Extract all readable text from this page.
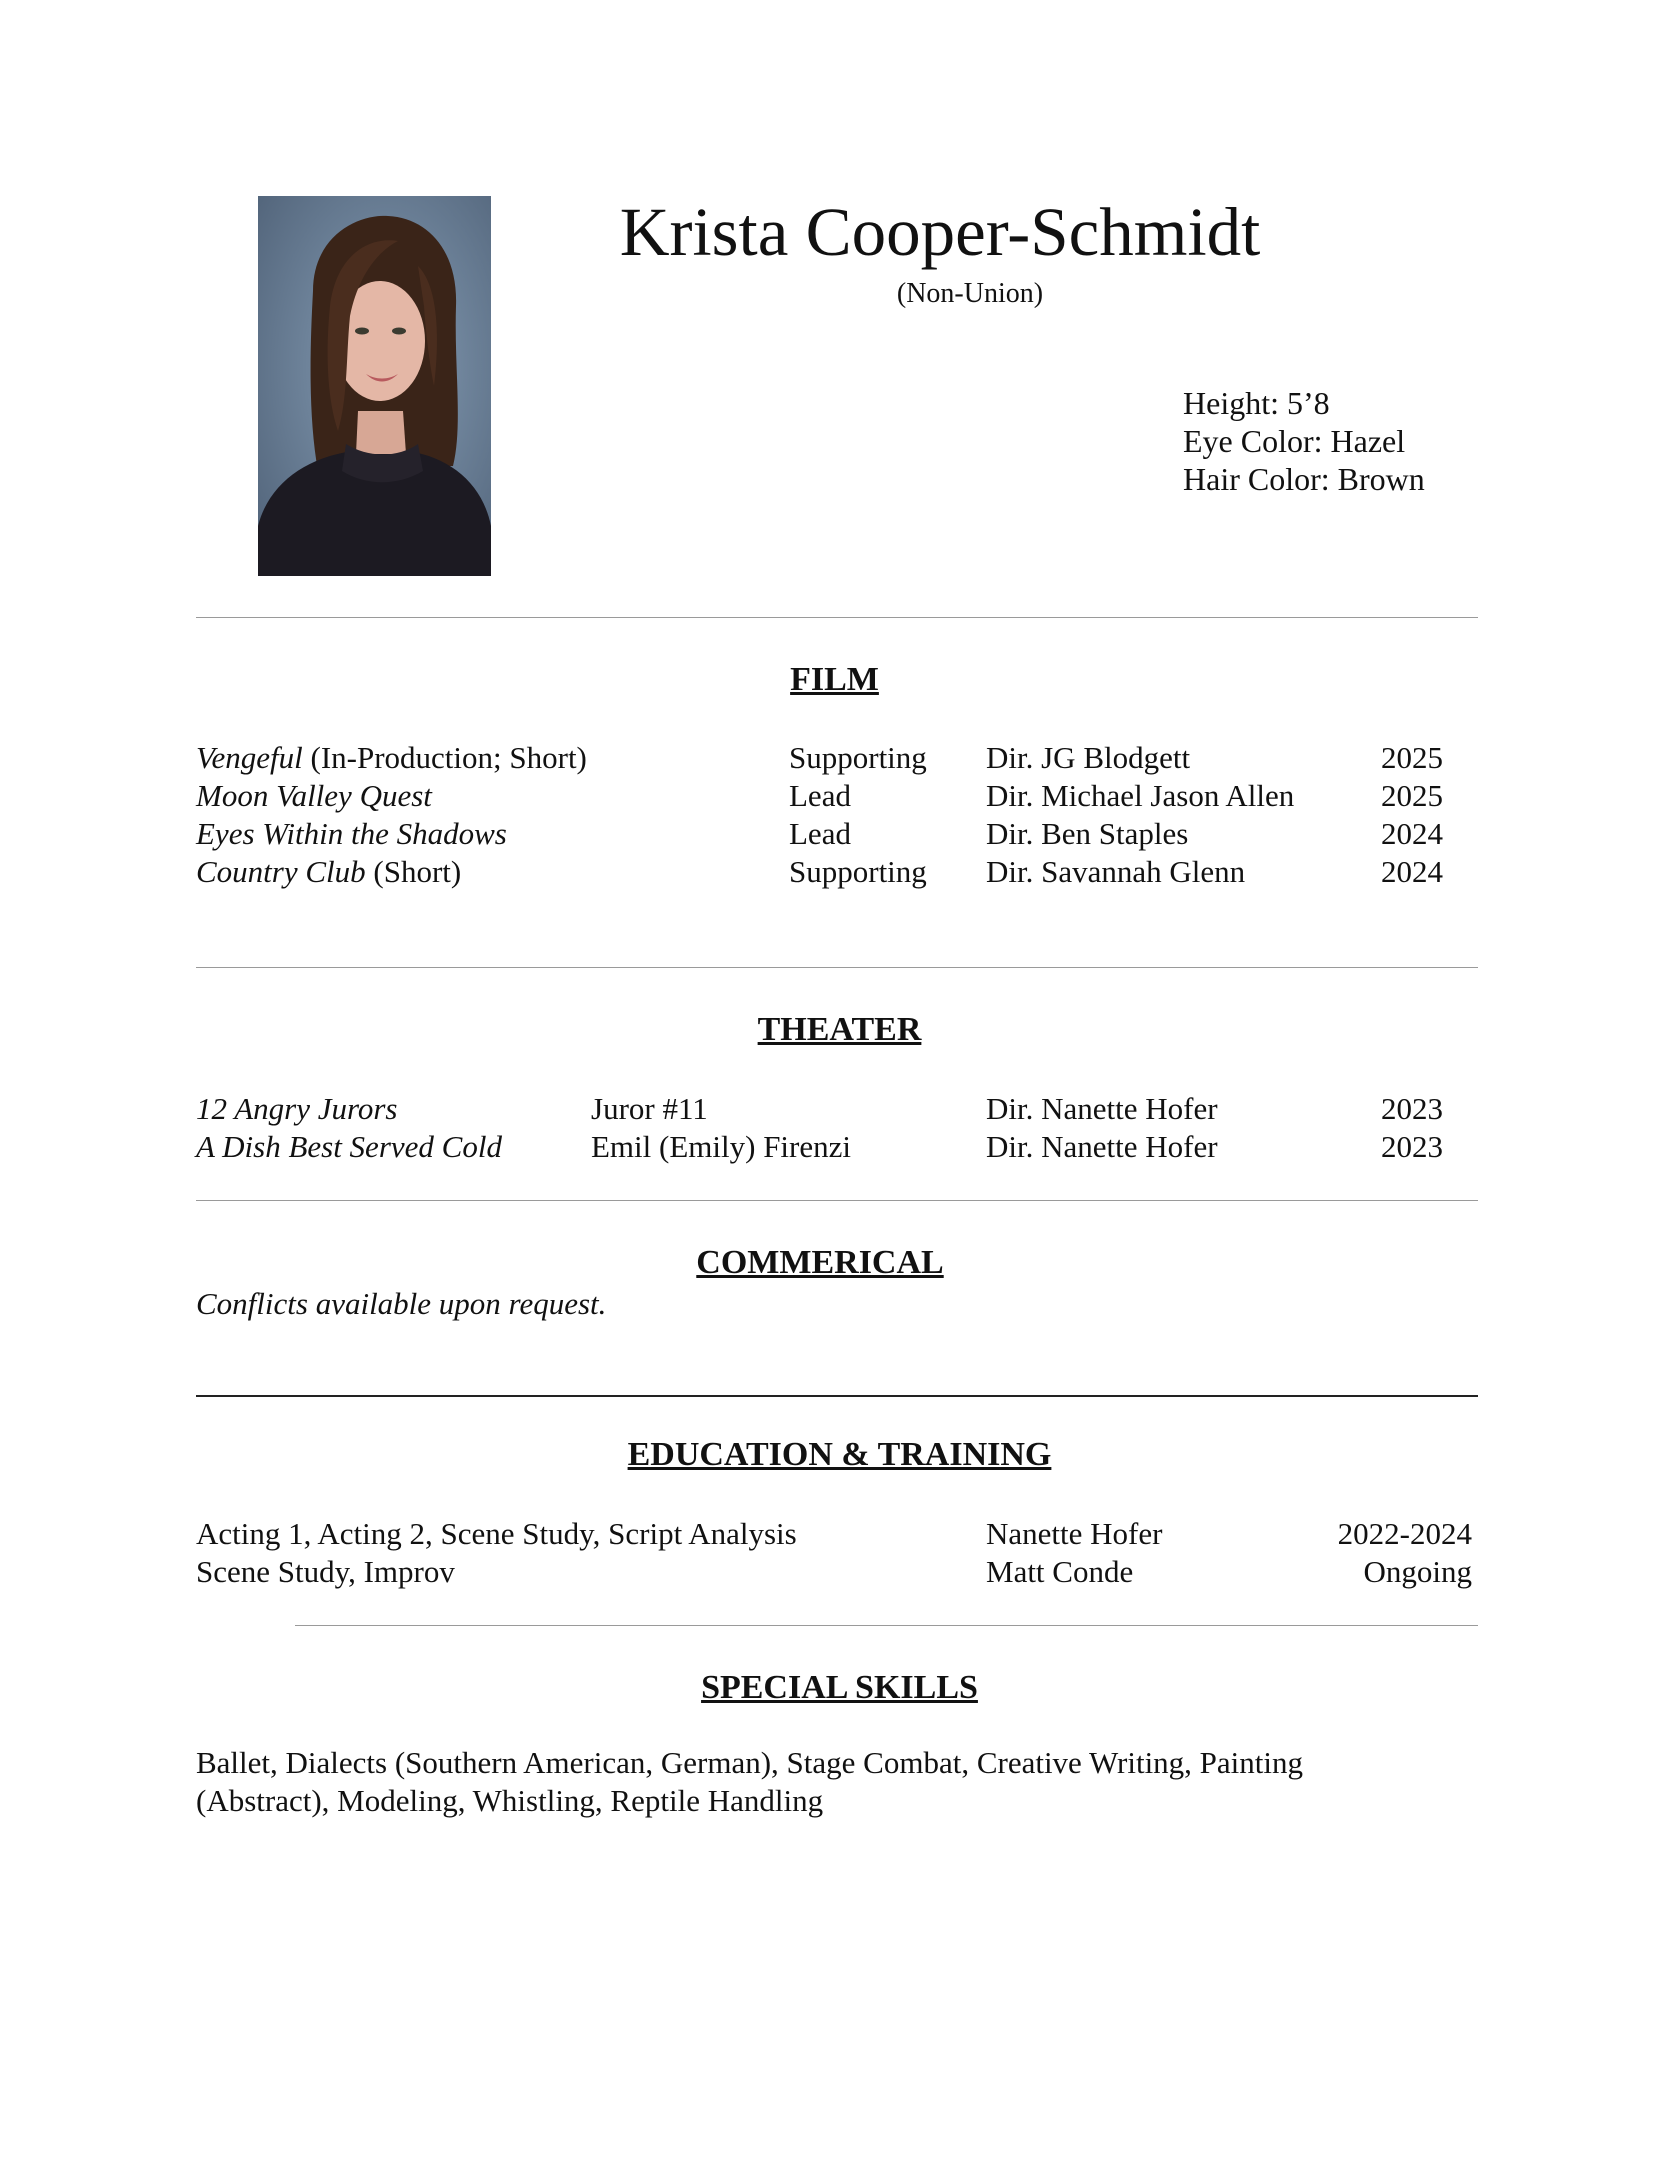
Krista Cooper-Schmidt
(Non-Union)
Height: 5’8
Eye Color: Hazel
Hair Color: Brown
FILM
Vengeful (In-Production; Short)	Supporting Dir. JG Blodgett	2025
Moon Valley Quest	Lead	Dir. Michael Jason Allen	2025
Eyes Within the Shadows	Lead	Dir. Ben Staples	2024
Country Club (Short)	Supporting Dir. Savannah Glenn	2024
THEATER
12 Angry Jurors	Juror #11	Dir. Nanette Hofer	2023
A Dish Best Served Cold	Emil (Emily) Firenzi	Dir. Nanette Hofer	2023
COMMERICAL
Conflicts available upon request.
EDUCATION & TRAINING
Acting 1, Acting 2, Scene Study, Script Analysis	Nanette Hofer	2022-2024
Scene Study, Improv	Matt Conde	Ongoing
SPECIAL SKILLS
Ballet, Dialects (Southern American, German), Stage Combat, Creative Writing, Painting (Abstract), Modeling, Whistling, Reptile Handling
